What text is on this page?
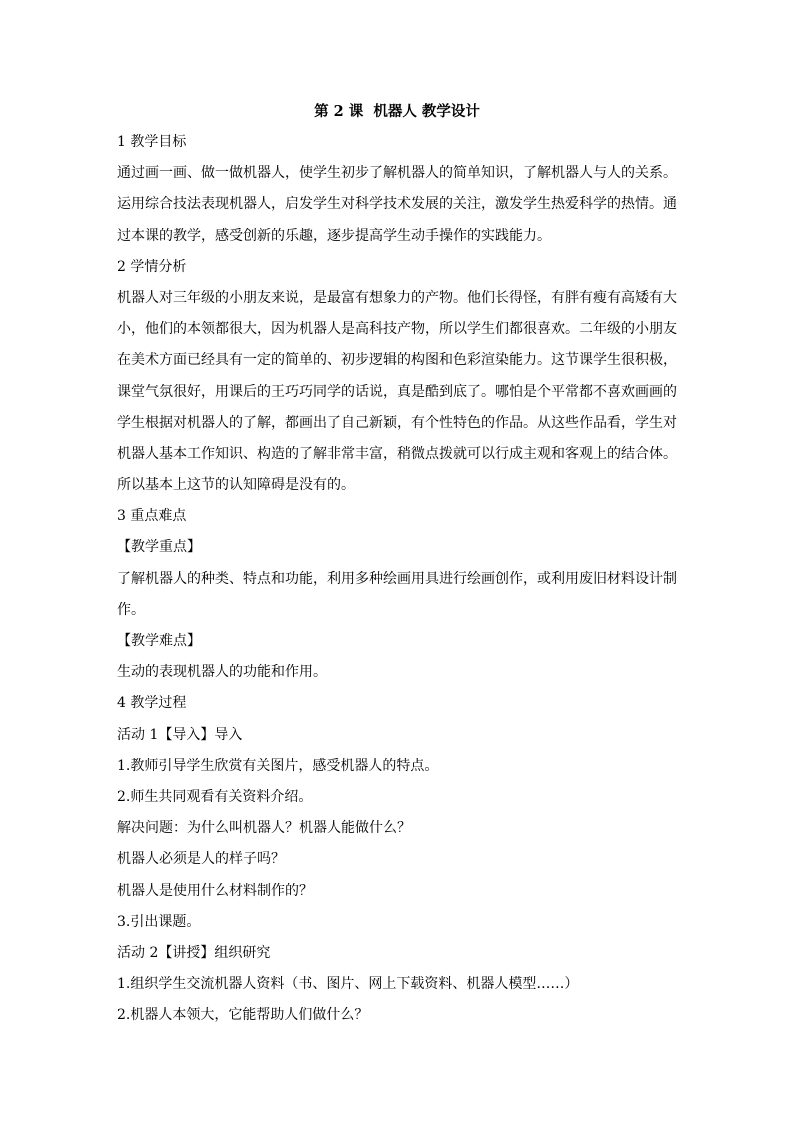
第 2 课  机器人 教学设计
1 教学目标
通过画一画、做一做机器人，使学生初步了解机器人的简单知识，了解机器人与人的关系。
运用综合技法表现机器人，启发学生对科学技术发展的关注，激发学生热爱科学的热情。通
过本课的教学，感受创新的乐趣，逐步提高学生动手操作的实践能力。
2 学情分析
机器人对三年级的小朋友来说，是最富有想象力的产物。他们长得怪，有胖有瘦有高矮有大
小，他们的本领都很大，因为机器人是高科技产物，所以学生们都很喜欢。二年级的小朋友
在美术方面已经具有一定的简单的、初步逻辑的构图和色彩渲染能力。这节课学生很积极，
课堂气氛很好，用课后的王巧巧同学的话说，真是酷到底了。哪怕是个平常都不喜欢画画的
学生根据对机器人的了解，都画出了自己新颖，有个性特色的作品。从这些作品看，学生对
机器人基本工作知识、构造的了解非常丰富，稍微点拨就可以行成主观和客观上的结合体。
所以基本上这节的认知障碍是没有的。
3 重点难点
【教学重点】
了解机器人的种类、特点和功能，利用多种绘画用具进行绘画创作，或利用废旧材料设计制
作。
【教学难点】
生动的表现机器人的功能和作用。
4 教学过程
活动 1【导入】导入
1.教师引导学生欣赏有关图片，感受机器人的特点。
2.师生共同观看有关资料介绍。
解决问题：为什么叫机器人？机器人能做什么？
机器人必须是人的样子吗？
机器人是使用什么材料制作的？
3.引出课题。
活动 2【讲授】组织研究
1.组织学生交流机器人资料（书、图片、网上下载资料、机器人模型……）
2.机器人本领大，它能帮助人们做什么？
